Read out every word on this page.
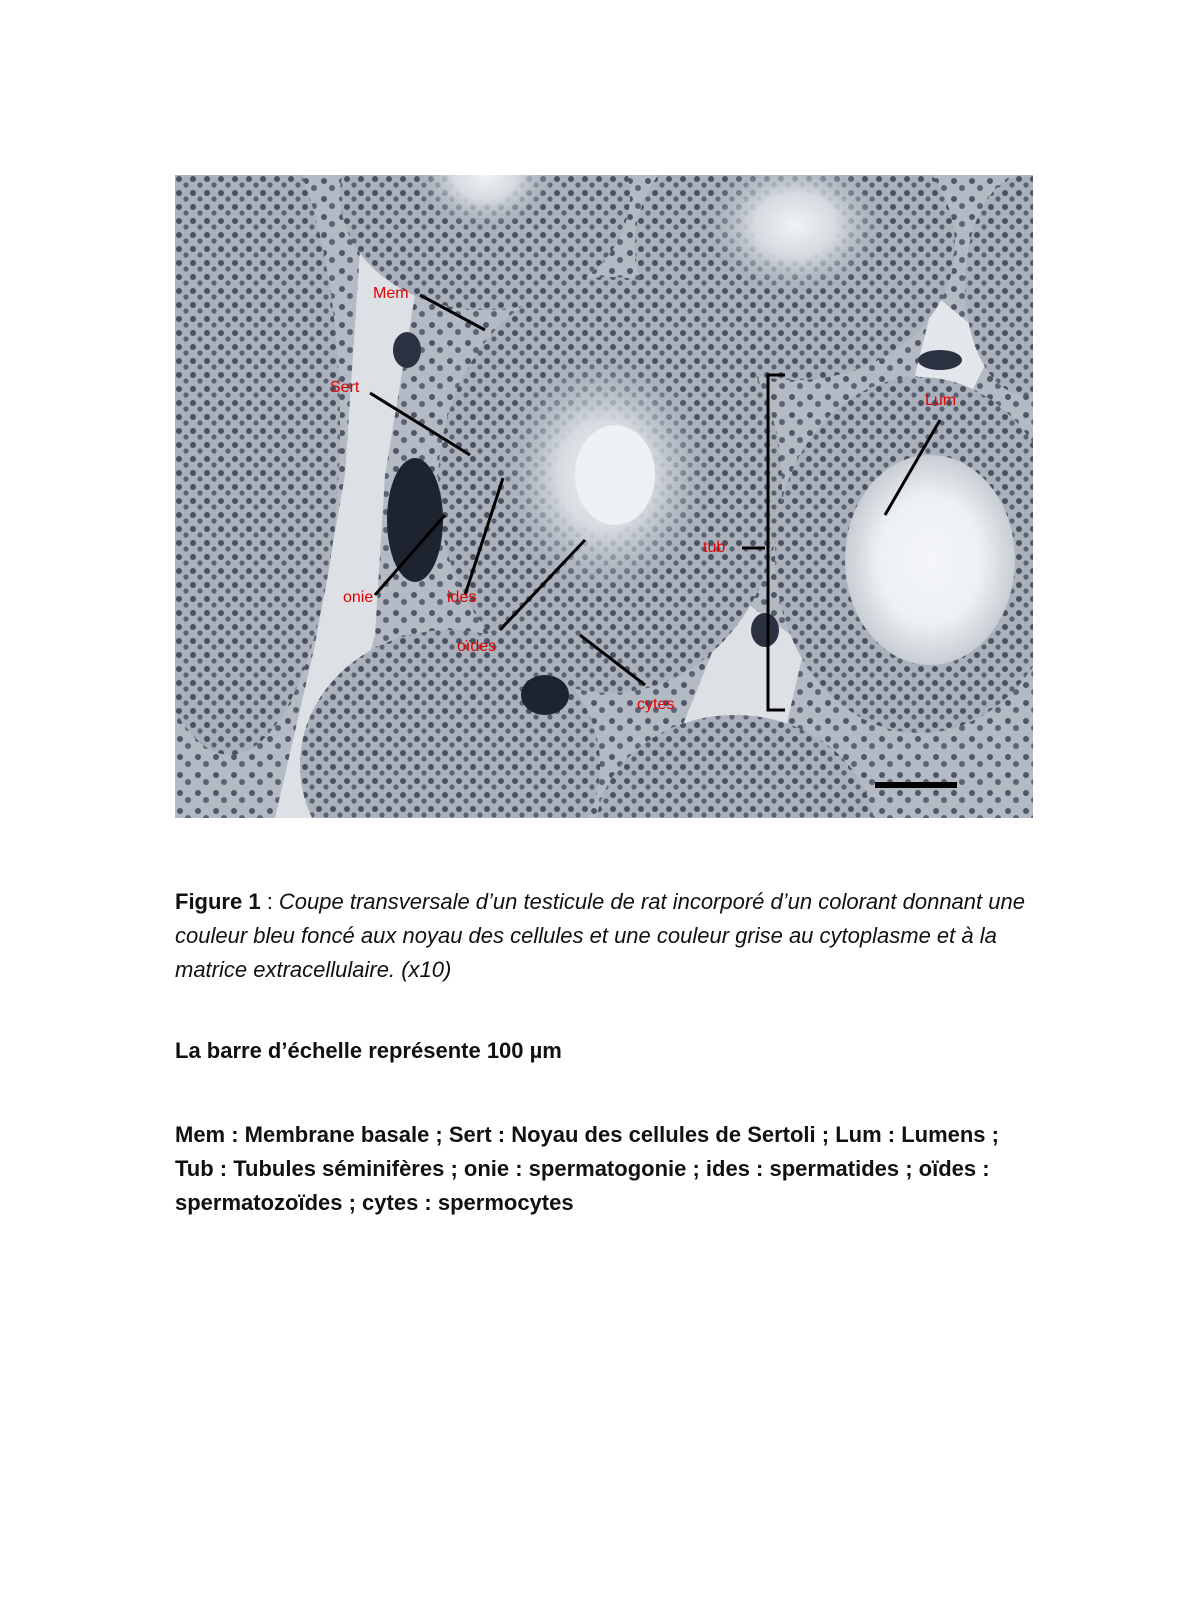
Mem
Sert
Lum
tub
onie	ides
oïdes
cytes
Figure 1 : Coupe transversale d’un testicule de rat incorporé d’un colorant donnant une couleur bleu foncé aux noyau des cellules et une couleur grise au cytoplasme et à la matrice extracellulaire. (x10)
La barre d’échelle représente 100 µm
Mem : Membrane basale ; Sert : Noyau des cellules de Sertoli ; Lum : Lumens ; Tub : Tubules séminifères ; onie : spermatogonie ; ides : spermatides ; oïdes : spermatozoïdes ; cytes : spermocytes
